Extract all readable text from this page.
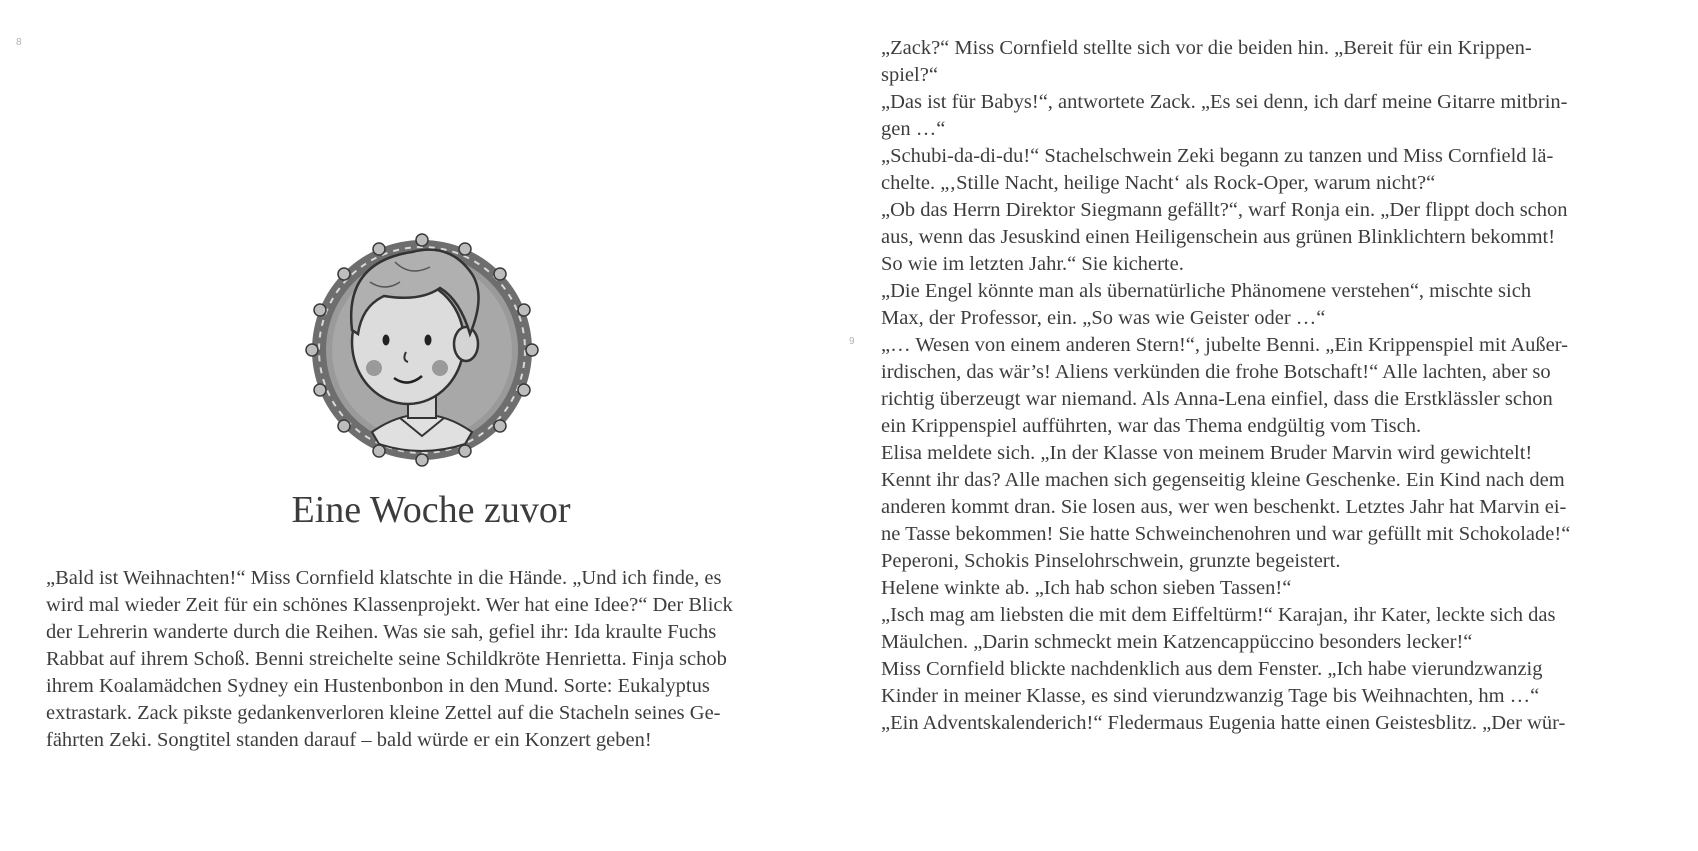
8
Eine Woche zuvor
„Bald ist Weihnachten!“ Miss Cornfield klatschte in die Hände. „Und ich finde, es
wird mal wieder Zeit für ein schönes Klassenprojekt. Wer hat eine Idee?“ Der Blick
der Lehrerin wanderte durch die Reihen. Was sie sah, gefiel ihr: Ida kraulte Fuchs
Rabbat auf ihrem Schoß. Benni streichelte seine Schildkröte Henrietta. Finja schob
ihrem Koalamädchen Sydney ein Hustenbonbon in den Mund. Sorte: Eukalyptus
extrastark. Zack pikste gedankenverloren kleine Zettel auf die Stacheln seines Ge-
fährten Zeki. Songtitel standen darauf – bald würde er ein Konzert geben!
9
„Zack?“ Miss Cornfield stellte sich vor die beiden hin. „Bereit für ein Krippen-
spiel?“
„Das ist für Babys!“, antwortete Zack. „Es sei denn, ich darf meine Gitarre mitbrin-
gen …“
„Schubi-da-di-du!“ Stachelschwein Zeki begann zu tanzen und Miss Cornfield lä-
chelte. „‚Stille Nacht, heilige Nacht‘ als Rock-Oper, warum nicht?“
„Ob das Herrn Direktor Siegmann gefällt?“, warf Ronja ein. „Der flippt doch schon
aus, wenn das Jesuskind einen Heiligenschein aus grünen Blinklichtern bekommt!
So wie im letzten Jahr.“ Sie kicherte.
„Die Engel könnte man als übernatürliche Phänomene verstehen“, mischte sich
Max, der Professor, ein. „So was wie Geister oder …“
„… Wesen von einem anderen Stern!“, jubelte Benni. „Ein Krippenspiel mit Außer-
irdischen, das wär’s! Aliens verkünden die frohe Botschaft!“ Alle lachten, aber so
richtig überzeugt war niemand. Als Anna-Lena einfiel, dass die Erstklässler schon
ein Krippenspiel aufführten, war das Thema endgültig vom Tisch.
Elisa meldete sich. „In der Klasse von meinem Bruder Marvin wird gewichtelt!
Kennt ihr das? Alle machen sich gegenseitig kleine Geschenke. Ein Kind nach dem
anderen kommt dran. Sie losen aus, wer wen beschenkt. Letztes Jahr hat Marvin ei-
ne Tasse bekommen! Sie hatte Schweinchenohren und war gefüllt mit Schokolade!“
Peperoni, Schokis Pinselohrschwein, grunzte begeistert.
Helene winkte ab. „Ich hab schon sieben Tassen!“
„Isch mag am liebsten die mit dem Eiffeltürm!“ Karajan, ihr Kater, leckte sich das
Mäulchen. „Darin schmeckt mein Katzencappüccino besonders lecker!“
Miss Cornfield blickte nachdenklich aus dem Fenster. „Ich habe vierundzwanzig
Kinder in meiner Klasse, es sind vierundzwanzig Tage bis Weihnachten, hm …“
„Ein Adventskalenderich!“ Fledermaus Eugenia hatte einen Geistesblitz. „Der wür-
